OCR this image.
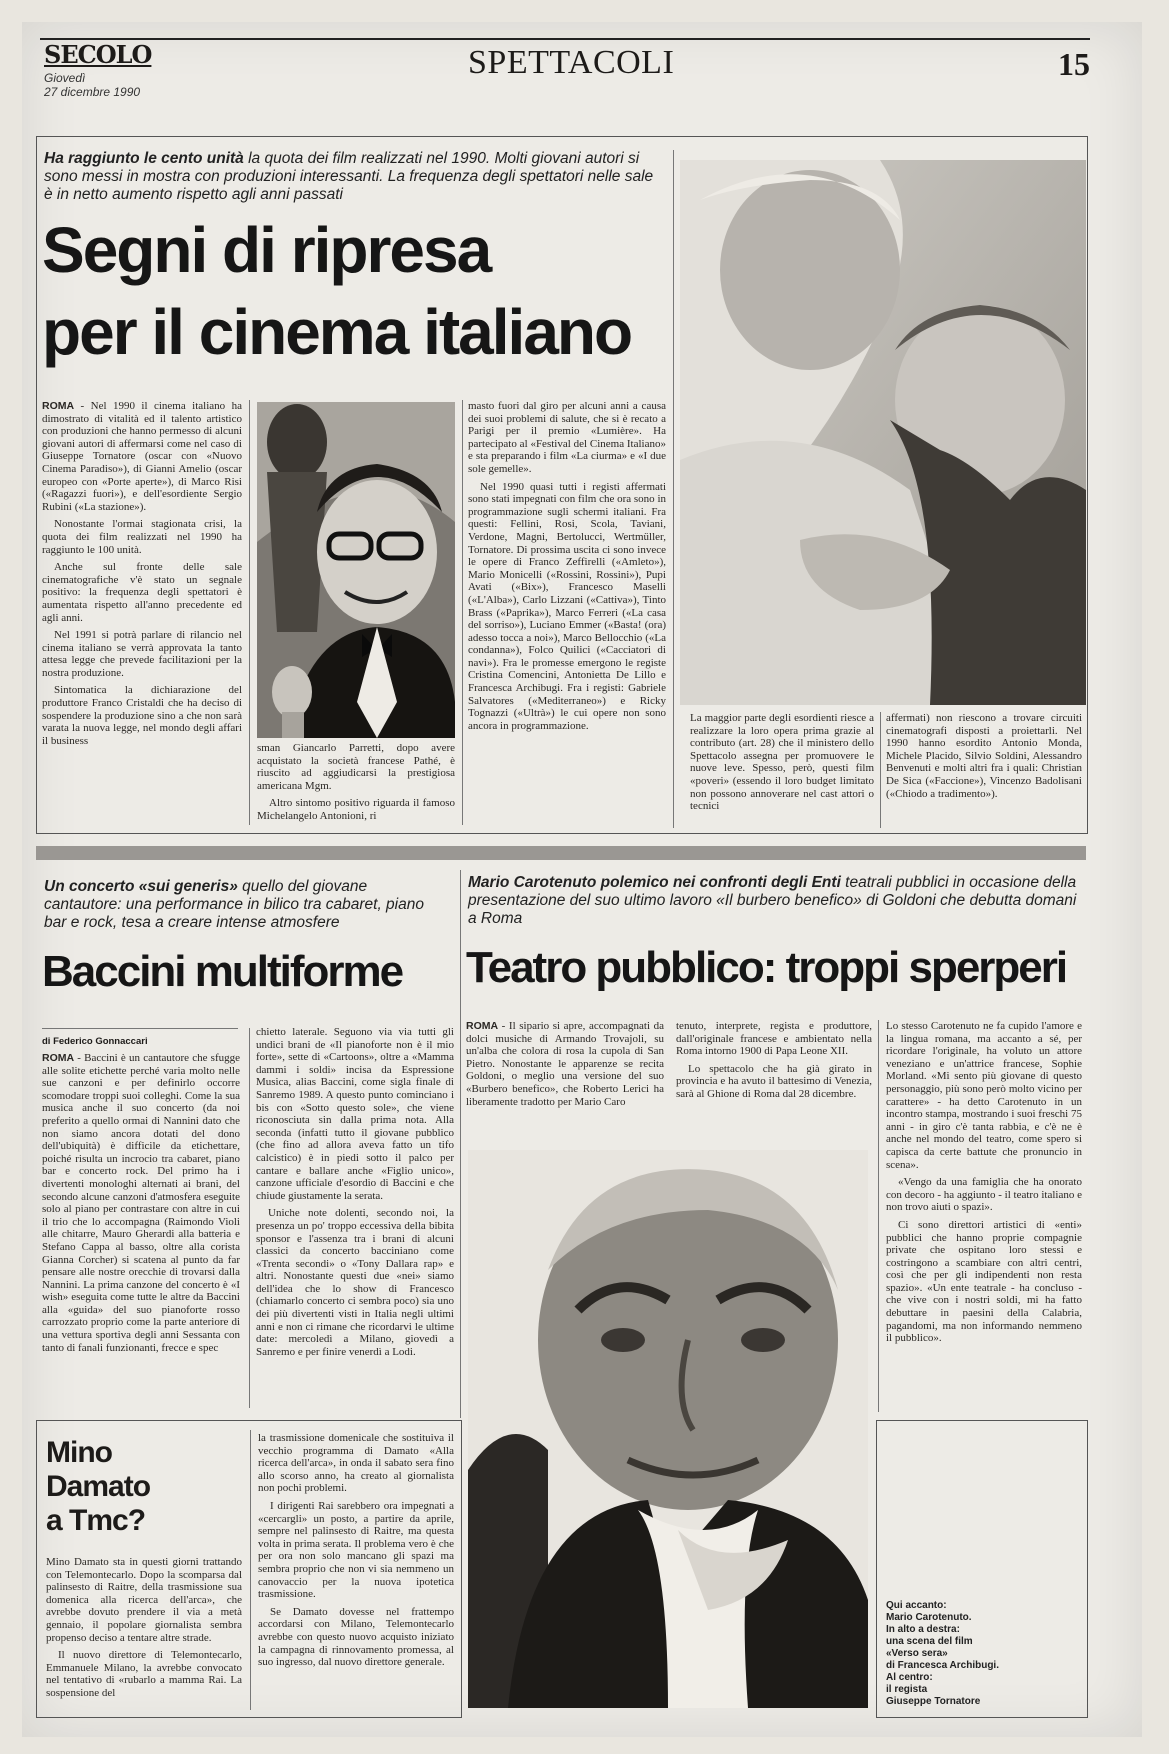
SECOLO
Giovedì
27 dicembre 1990
SPETTACOLI	15
Ha raggiunto le cento unità la quota dei film realizzati nel 1990. Molti giovani autori si sono messi in mostra con produzioni interessanti. La frequenza degli spettatori nelle sale è in netto aumento rispetto agli anni passati
Segni di ripresa
per il cinema italiano

ROMA - Nel 1990 il cinema italiano ha dimostrato di vitalità ed il talento artistico con produzioni che hanno permesso di alcuni giovani autori di affermarsi come nel caso di Giuseppe Tornatore (oscar con «Nuovo Cinema Paradiso»), di Gianni Amelio (oscar europeo con «Porte aperte»), di Marco Risi («Ragazzi fuori»), e dell'esordiente Sergio Rubini («La stazione»).

Nonostante l'ormai stagionata crisi, la quota dei film realizzati nel 1990 ha raggiunto le 100 unità.

Anche sul fronte delle sale cinematografiche v'è stato un segnale positivo: la frequenza degli spettatori è aumentata rispetto all'anno precedente ed agli anni.

Nel 1991 si potrà parlare di rilancio nel cinema italiano se verrà approvata la tanto attesa legge che prevede facilitazioni per la nostra produzione.

Sintomatica la dichiarazione del produttore Franco Cristaldi che ha deciso di sospendere la produzione sino a che non sarà varata la nuova legge, nel mondo degli affari il business

sman Giancarlo Parretti, dopo avere acquistato la società francese Pathé, è riuscito ad aggiudicarsi la prestigiosa americana Mgm.

Altro sintomo positivo riguarda il famoso Michelangelo Antonioni, ri

masto fuori dal giro per alcuni anni a causa dei suoi problemi di salute, che si è recato a Parigi per il premio «Lumière». Ha partecipato al «Festival del Cinema Italiano» e sta preparando i film «La ciurma» e «I due sole gemelle».

Nel 1990 quasi tutti i registi affermati sono stati impegnati con film che ora sono in programmazione sugli schermi italiani. Fra questi: Fellini, Rosi, Scola, Taviani, Verdone, Magni, Bertolucci, Wertmüller, Tornatore. Di prossima uscita ci sono invece le opere di Franco Zeffirelli («Amleto»), Mario Monicelli («Rossini, Rossini»), Pupi Avati («Bix»), Francesco Maselli («L'Alba»), Carlo Lizzani («Cattiva»), Tinto Brass («Paprika»), Marco Ferreri («La casa del sorriso»), Luciano Emmer («Basta! (ora) adesso tocca a noi»), Marco Bellocchio («La condanna»), Folco Quilici («Cacciatori di navi»). Fra le promesse emergono le registe Cristina Comencini, Antonietta De Lillo e Francesca Archibugi. Fra i registi: Gabriele Salvatores («Mediterraneo») e Ricky Tognazzi («Ultrà») le cui opere non sono ancora in programmazione.

La maggior parte degli esordienti riesce a realizzare la loro opera prima grazie al contributo (art. 28) che il ministero dello Spettacolo assegna per promuovere le nuove leve. Spesso, però, questi film «poveri» (essendo il loro budget limitato non possono annoverare nel cast attori o tecnici

affermati) non riescono a trovare circuiti cinematografi disposti a proiettarli. Nel 1990 hanno esordito Antonio Monda, Michele Placido, Silvio Soldini, Alessandro Benvenuti e molti altri fra i quali: Christian De Sica («Faccione»), Vincenzo Badolisani («Chiodo a tradimento»).

Un concerto «sui generis» quello del giovane cantautore: una performance in bilico tra cabaret, piano bar e rock, tesa a creare intense atmosfere
Baccini multiforme
di Federico Gonnaccari

ROMA - Baccini è un cantautore che sfugge alle solite etichette perché varia molto nelle sue canzoni e per definirlo occorre scomodare troppi suoi colleghi. Come la sua musica anche il suo concerto (da noi preferito a quello ormai di Nannini dato che non siamo ancora dotati del dono dell'ubiquità) è difficile da etichettare, poiché risulta un incrocio tra cabaret, piano bar e concerto rock. Del primo ha i divertenti monologhi alternati ai brani, del secondo alcune canzoni d'atmosfera eseguite solo al piano per contrastare con altre in cui il trio che lo accompagna (Raimondo Violi alle chitarre, Mauro Gherardi alla batteria e Stefano Cappa al basso, oltre alla corista Gianna Corcher) si scatena al punto da far pensare alle nostre orecchie di trovarsi dalla Nannini. La prima canzone del concerto è «I wish» eseguita come tutte le altre da Baccini alla «guida» del suo pianoforte rosso carrozzato proprio come la parte anteriore di una vettura sportiva degli anni Sessanta con tanto di fanali funzionanti, frecce e spec

chietto laterale. Seguono via via tutti gli undici brani de «Il pianoforte non è il mio forte», sette di «Cartoons», oltre a «Mamma dammi i soldi» incisa da Espressione Musica, alias Baccini, come sigla finale di Sanremo 1989. A questo punto cominciano i bis con «Sotto questo sole», che viene riconosciuta sin dalla prima nota. Alla seconda (infatti tutto il giovane pubblico (che fino ad allora aveva fatto un tifo calcistico) è in piedi sotto il palco per cantare e ballare anche «Figlio unico», canzone ufficiale d'esordio di Baccini e che chiude giustamente la serata.

Uniche note dolenti, secondo noi, la presenza un po' troppo eccessiva della bibita sponsor e l'assenza tra i brani di alcuni classici da concerto bacciniano come «Trenta secondi» o «Tony Dallara rap» e altri. Nonostante questi due «nei» siamo dell'idea che lo show di Francesco (chiamarlo concerto ci sembra poco) sia uno dei più divertenti visti in Italia negli ultimi anni e non ci rimane che ricordarvi le ultime date: mercoledì a Milano, giovedì a Sanremo e per finire venerdì a Lodi.

Mario Carotenuto polemico nei confronti degli Enti teatrali pubblici in occasione della presentazione del suo ultimo lavoro «Il burbero benefico» di Goldoni che debutta domani a Roma
Teatro pubblico: troppi sperperi

ROMA - Il sipario si apre, accompagnati da dolci musiche di Armando Trovajoli, su un'alba che colora di rosa la cupola di San Pietro. Nonostante le apparenze se recita Goldoni, o meglio una versione del suo «Burbero benefico», che Roberto Lerici ha liberamente tradotto per Mario Caro

tenuto, interprete, regista e produttore, dall'originale francese e ambientato nella Roma intorno 1900 di Papa Leone XII.

Lo spettacolo che ha già girato in provincia e ha avuto il battesimo di Venezia, sarà al Ghione di Roma dal 28 dicembre.

Lo stesso Carotenuto ne fa cupido l'amore e la lingua romana, ma accanto a sé, per ricordare l'originale, ha voluto un attore veneziano e un'attrice francese, Sophie Morland. «Mi sento più giovane di questo personaggio, più sono però molto vicino per carattere» - ha detto Carotenuto in un incontro stampa, mostrando i suoi freschi 75 anni - in giro c'è tanta rabbia, e c'è ne è anche nel mondo del teatro, come spero si capisca da certe battute che pronuncio in scena».

«Vengo da una famiglia che ha onorato con decoro - ha aggiunto - il teatro italiano e non trovo aiuti o spazi».

Ci sono direttori artistici di «enti» pubblici che hanno proprie compagnie private che ospitano loro stessi e costringono a scambiare con altri centri, così che per gli indipendenti non resta spazio». «Un ente teatrale - ha concluso - che vive con i nostri soldi, mi ha fatto debuttare in paesini della Calabria, pagandomi, ma non informando nemmeno il pubblico».

Mino
Damato
a Tmc?

Mino Damato sta in questi giorni trattando con Telemontecarlo. Dopo la scomparsa dal palinsesto di Raitre, della trasmissione sua domenica alla ricerca dell'arca», che avrebbe dovuto prendere il via a metà gennaio, il popolare giornalista sembra propenso deciso a tentare altre strade.

Il nuovo direttore di Telemontecarlo, Emmanuele Milano, la avrebbe convocato nel tentativo di «rubarlo a mamma Rai. La sospensione del

la trasmissione domenicale che sostituiva il vecchio programma di Damato «Alla ricerca dell'arca», in onda il sabato sera fino allo scorso anno, ha creato al giornalista non pochi problemi.

I dirigenti Rai sarebbero ora impegnati a «cercargli» un posto, a partire da aprile, sempre nel palinsesto di Raitre, ma questa volta in prima serata. Il problema vero è che per ora non solo mancano gli spazi ma sembra proprio che non vi sia nemmeno un canovaccio per la nuova ipotetica trasmissione.

Se Damato dovesse nel frattempo accordarsi con Milano, Telemontecarlo avrebbe con questo nuovo acquisto iniziato la campagna di rinnovamento promessa, al suo ingresso, dal nuovo direttore generale.

Qui accanto:
Mario Carotenuto.
In alto a destra:
una scena del film
«Verso sera»
di Francesca Archibugi.
Al centro:
il regista
Giuseppe Tornatore
